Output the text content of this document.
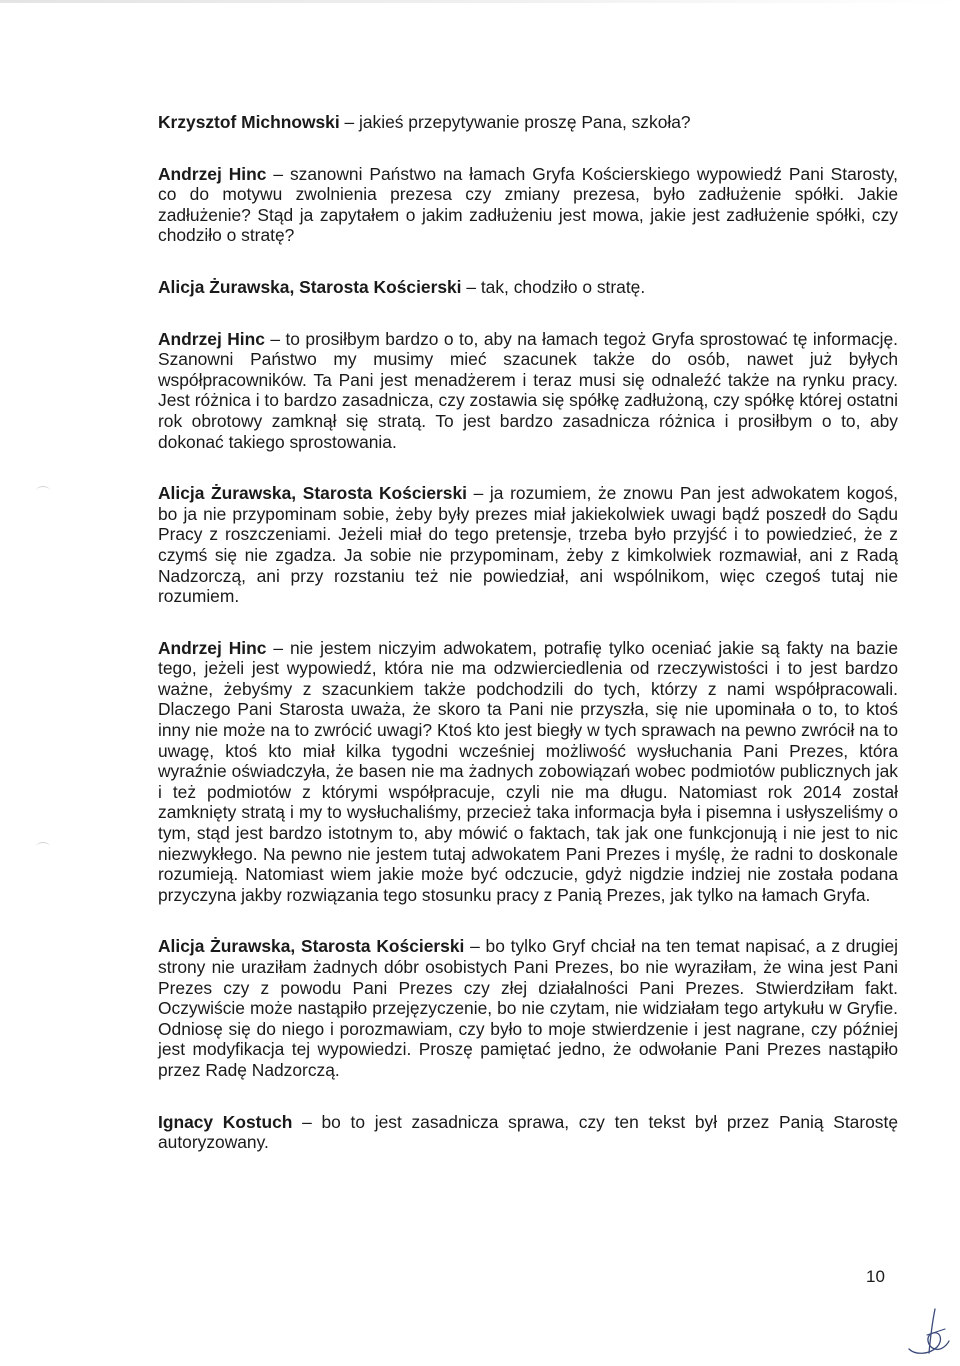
Krzysztof Michnowski – jakieś przepytywanie proszę Pana, szkoła?

Andrzej Hinc – szanowni Państwo na łamach Gryfa Kościerskiego wypowiedź Pani Starosty, co do motywu zwolnienia prezesa czy zmiany prezesa, było zadłużenie spółki. Jakie zadłużenie? Stąd ja zapytałem o jakim zadłużeniu jest mowa, jakie jest zadłużenie spółki, czy chodziło o stratę?

Alicja Żurawska, Starosta Kościerski – tak, chodziło o stratę.

Andrzej Hinc – to prosiłbym bardzo o to, aby na łamach tegoż Gryfa sprostować tę informację. Szanowni Państwo my musimy mieć szacunek także do osób, nawet już byłych współpracowników. Ta Pani jest menadżerem i teraz musi się odnaleźć także na rynku pracy. Jest różnica i to bardzo zasadnicza, czy zostawia się spółkę zadłużoną, czy spółkę której ostatni rok obrotowy zamknął się stratą. To jest bardzo zasadnicza różnica i prosiłbym o to, aby dokonać takiego sprostowania.

Alicja Żurawska, Starosta Kościerski – ja rozumiem, że znowu Pan jest adwokatem kogoś, bo ja nie przypominam sobie, żeby były prezes miał jakiekolwiek uwagi bądź poszedł do Sądu Pracy z roszczeniami. Jeżeli miał do tego pretensje, trzeba było przyjść i to powiedzieć, że z czymś się nie zgadza. Ja sobie nie przypominam, żeby z kimkolwiek rozmawiał, ani z Radą Nadzorczą, ani przy rozstaniu też nie powiedział, ani wspólnikom, więc czegoś tutaj nie rozumiem.

Andrzej Hinc – nie jestem niczyim adwokatem, potrafię tylko oceniać jakie są fakty na bazie tego, jeżeli jest wypowiedź, która nie ma odzwierciedlenia od rzeczywistości i to jest bardzo ważne, żebyśmy z szacunkiem także podchodzili do tych, którzy z nami współpracowali. Dlaczego Pani Starosta uważa, że skoro ta Pani nie przyszła, się nie upominała o to, to ktoś inny nie może na to zwrócić uwagi? Ktoś kto jest biegły w tych sprawach na pewno zwrócił na to uwagę, ktoś kto miał kilka tygodni wcześniej możliwość wysłuchania Pani Prezes, która wyraźnie oświadczyła, że basen nie ma żadnych zobowiązań wobec podmiotów publicznych jak i też podmiotów z którymi współpracuje, czyli nie ma długu. Natomiast rok 2014 został zamknięty stratą i my to wysłuchaliśmy, przecież taka informacja była i pisemna i usłyszeliśmy o tym, stąd jest bardzo istotnym to, aby mówić o faktach, tak jak one funkcjonują i nie jest to nic niezwykłego. Na pewno nie jestem tutaj adwokatem Pani Prezes i myślę, że radni to doskonale rozumieją. Natomiast wiem jakie może być odczucie, gdyż nigdzie indziej nie została podana przyczyna jakby rozwiązania tego stosunku pracy z Panią Prezes, jak tylko na łamach Gryfa.

Alicja Żurawska, Starosta Kościerski – bo tylko Gryf chciał na ten temat napisać, a z drugiej strony nie uraziłam żadnych dóbr osobistych Pani Prezes, bo nie wyraziłam, że wina jest Pani Prezes czy z powodu Pani Prezes czy złej działalności Pani Prezes. Stwierdziłam fakt. Oczywiście może nastąpiło przejęzyczenie, bo nie czytam, nie widziałam tego artykułu w Gryfie. Odniosę się do niego i porozmawiam, czy było to moje stwierdzenie i jest nagrane, czy później jest modyfikacja tej wypowiedzi. Proszę pamiętać jedno, że odwołanie Pani Prezes nastąpiło przez Radę Nadzorczą.

Ignacy Kostuch – bo to jest zasadnicza sprawa, czy ten tekst był przez Panią Starostę autoryzowany.

10
